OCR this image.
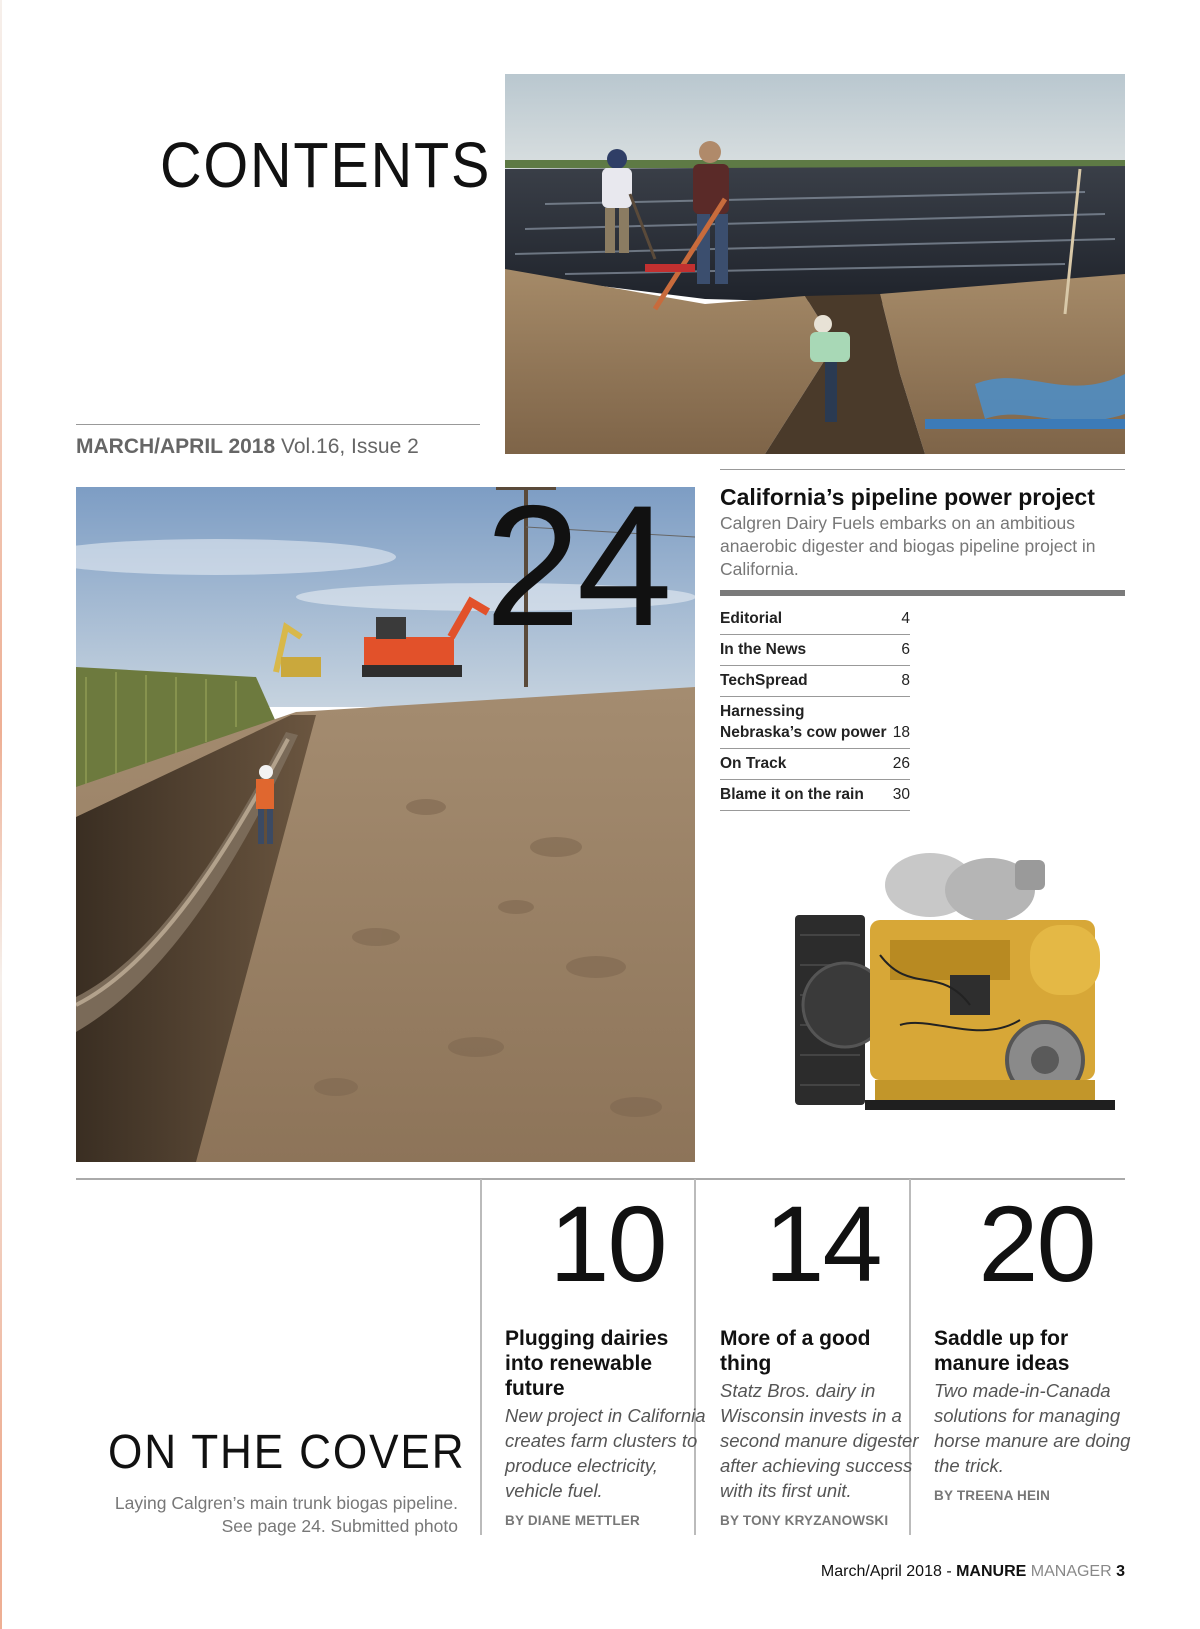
CONTENTS
MARCH/APRIL 2018 Vol.16, Issue 2
24 California’s pipeline power project
Calgren Dairy Fuels embarks on an ambitious anaerobic digester and biogas pipeline project in California.
Editorial	4
In the News	6
TechSpread	8
Harnessing Nebraska’s cow power 18
On Track	26
Blame it on the rain 30
10
Plugging dairies into renewable future
New project in California creates farm clusters to produce electricity, vehicle fuel.
BY DIANE METTLER
14
More of a good thing
Statz Bros. dairy in Wisconsin invests in a second manure digester after achieving success with its first unit.
BY TONY KRYZANOWSKI
20
Saddle up for manure ideas
Two made-in-Canada solutions for managing horse manure are doing the trick.
BY TREENA HEIN
ON THE COVER
Laying Calgren’s main trunk biogas pipeline.
See page 24. Submitted photo
March/April 2018 - MANURE MANAGER 3
